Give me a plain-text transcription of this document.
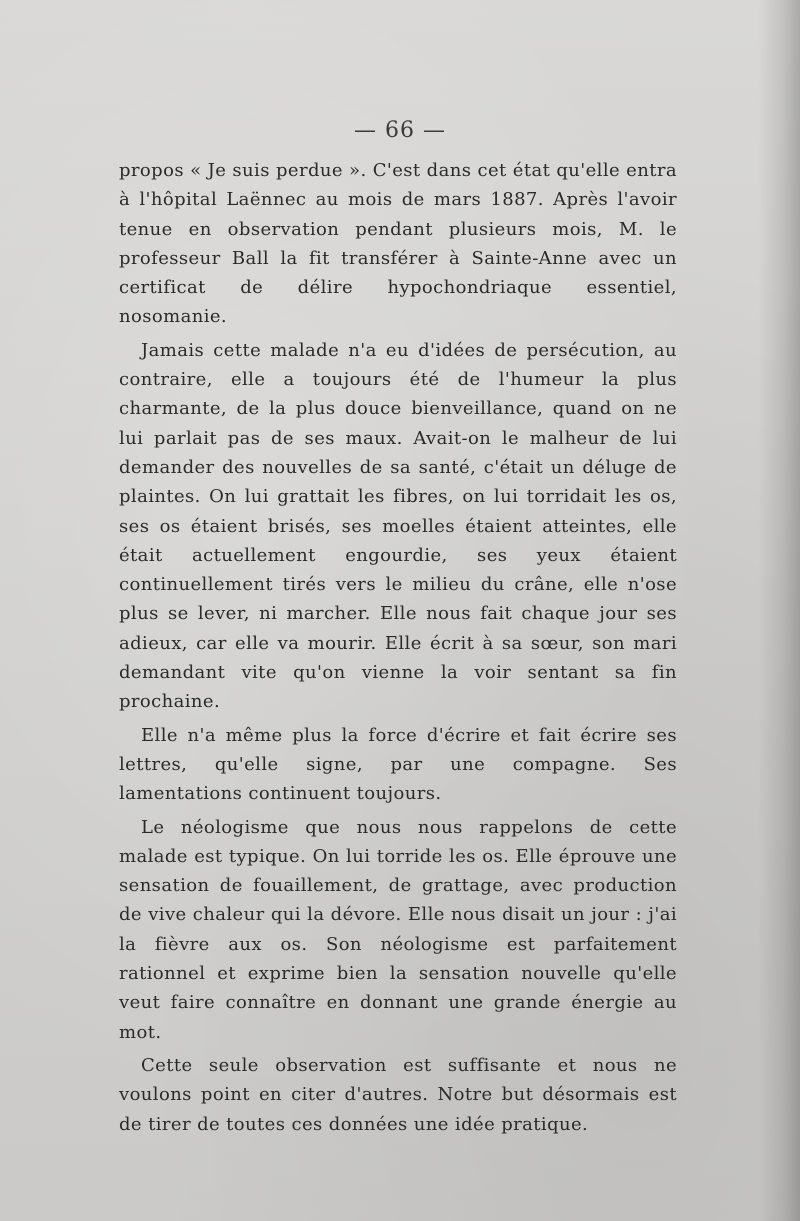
— 66 —

propos « Je suis perdue ». C'est dans cet état qu'elle entra à l'hôpital Laënnec au mois de mars 1887. Après l'avoir tenue en observation pendant plusieurs mois, M. le professeur Ball la fit transférer à Sainte-Anne avec un certificat de délire hypochondriaque essentiel, nosomanie.

Jamais cette malade n'a eu d'idées de persécution, au contraire, elle a toujours été de l'humeur la plus charmante, de la plus douce bienveillance, quand on ne lui parlait pas de ses maux. Avait-on le malheur de lui demander des nouvelles de sa santé, c'était un déluge de plaintes. On lui grattait les fibres, on lui torridait les os, ses os étaient brisés, ses moelles étaient atteintes, elle était actuellement engourdie, ses yeux étaient continuellement tirés vers le milieu du crâne, elle n'ose plus se lever, ni marcher. Elle nous fait chaque jour ses adieux, car elle va mourir. Elle écrit à sa sœur, son mari demandant vite qu'on vienne la voir sentant sa fin prochaine.

Elle n'a même plus la force d'écrire et fait écrire ses lettres, qu'elle signe, par une compagne. Ses lamentations continuent toujours.

Le néologisme que nous nous rappelons de cette malade est typique. On lui torride les os. Elle éprouve une sensation de fouaillement, de grattage, avec production de vive chaleur qui la dévore. Elle nous disait un jour : j'ai la fièvre aux os. Son néologisme est parfaitement rationnel et exprime bien la sensation nouvelle qu'elle veut faire connaître en donnant une grande énergie au mot.

Cette seule observation est suffisante et nous ne voulons point en citer d'autres. Notre but désormais est de tirer de toutes ces données une idée pratique.
